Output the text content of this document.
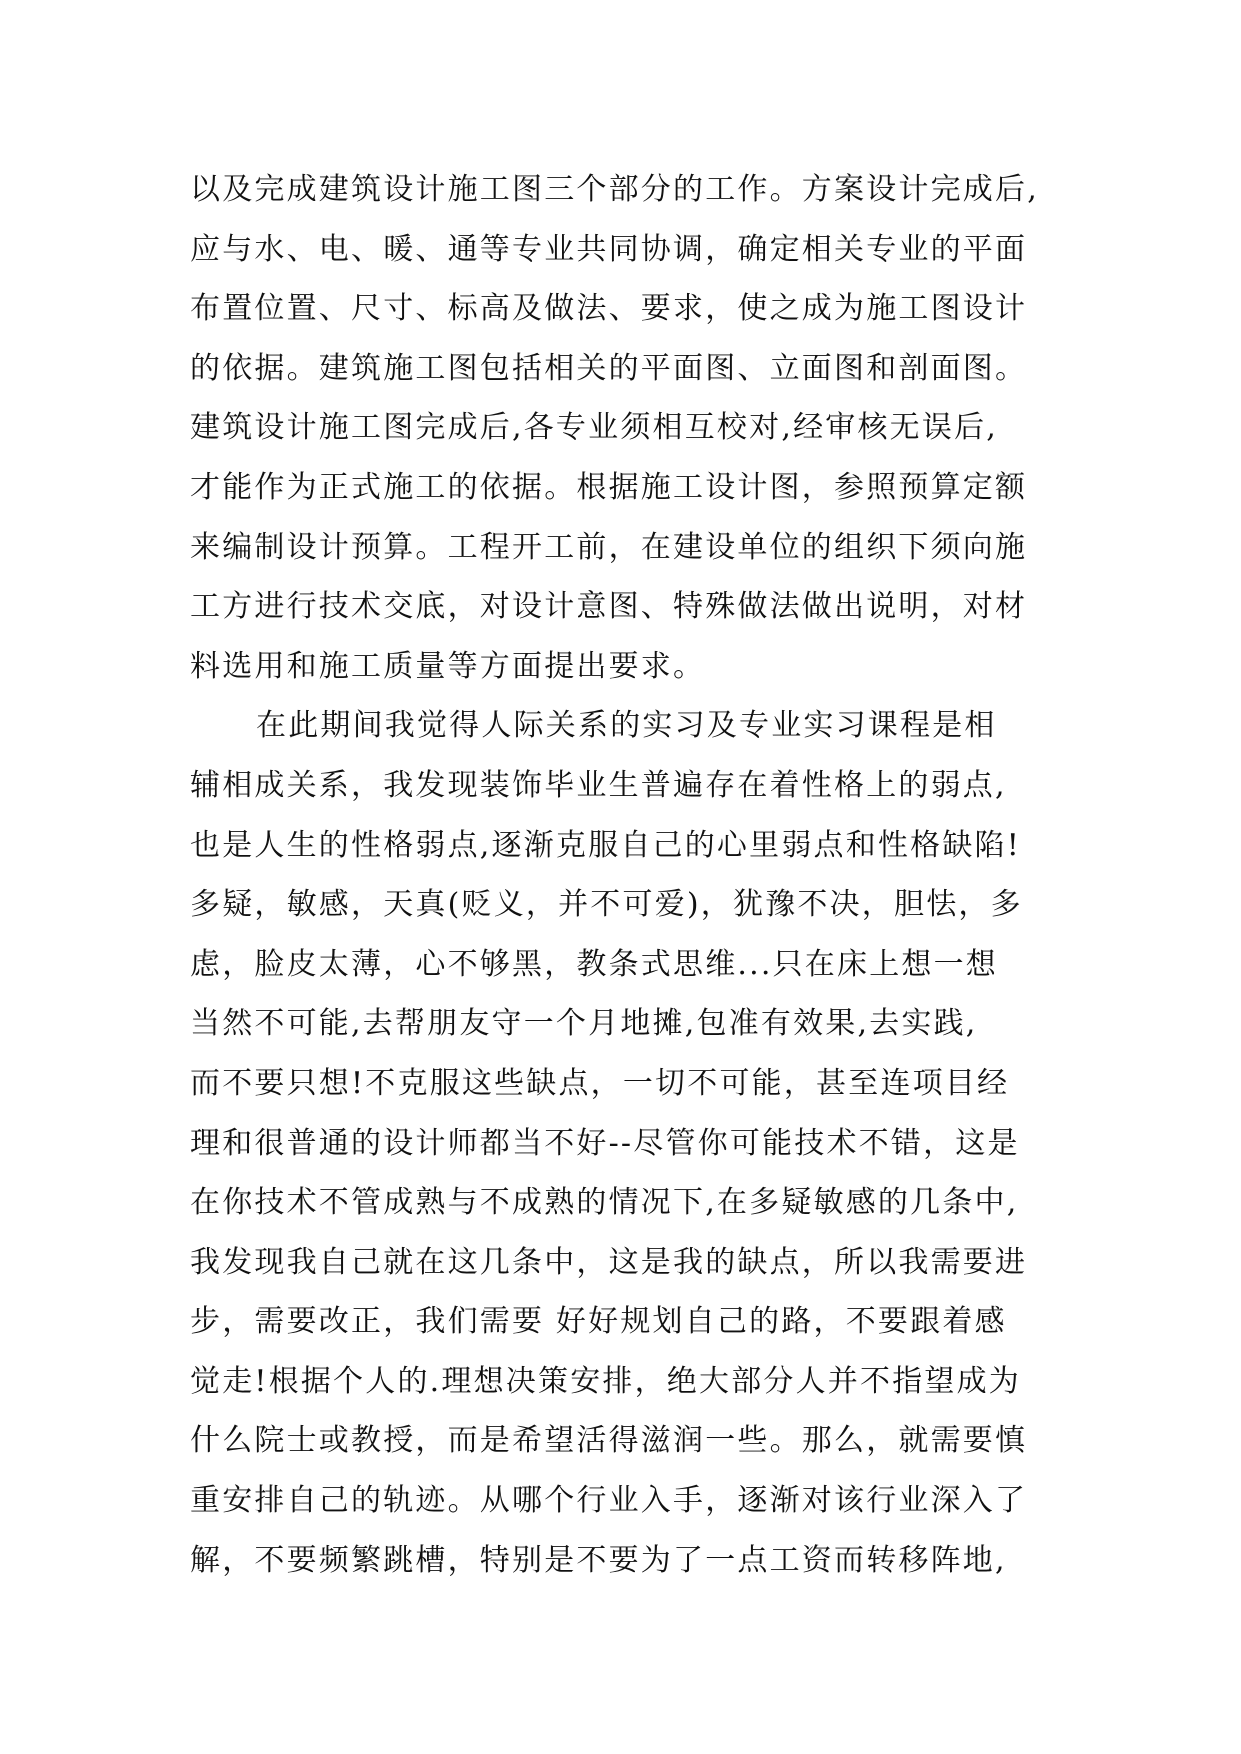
以及完成建筑设计施工图三个部分的工作。方案设计完成后,
应与水、电、暖、通等专业共同协调，确定相关专业的平面
布置位置、尺寸、标高及做法、要求，使之成为施工图设计
的依据。建筑施工图包括相关的平面图、立面图和剖面图。
建筑设计施工图完成后,各专业须相互校对,经审核无误后,
才能作为正式施工的依据。根据施工设计图，参照预算定额
来编制设计预算。工程开工前，在建设单位的组织下须向施
工方进行技术交底，对设计意图、特殊做法做出说明，对材
料选用和施工质量等方面提出要求。
在此期间我觉得人际关系的实习及专业实习课程是相
辅相成关系，我发现装饰毕业生普遍存在着性格上的弱点,
也是人生的性格弱点,逐渐克服自己的心里弱点和性格缺陷!
多疑，敏感，天真(贬义，并不可爱)，犹豫不决，胆怯，多
虑，脸皮太薄，心不够黑，教条式思维...只在床上想一想
当然不可能,去帮朋友守一个月地摊,包准有效果,去实践,
而不要只想!不克服这些缺点，一切不可能，甚至连项目经
理和很普通的设计师都当不好--尽管你可能技术不错，这是
在你技术不管成熟与不成熟的情况下,在多疑敏感的几条中,
我发现我自己就在这几条中，这是我的缺点，所以我需要进
步，需要改正，我们需要 好好规划自己的路，不要跟着感
觉走!根据个人的.理想决策安排，绝大部分人并不指望成为
什么院士或教授，而是希望活得滋润一些。那么，就需要慎
重安排自己的轨迹。从哪个行业入手，逐渐对该行业深入了
解，不要频繁跳槽，特别是不要为了一点工资而转移阵地,
